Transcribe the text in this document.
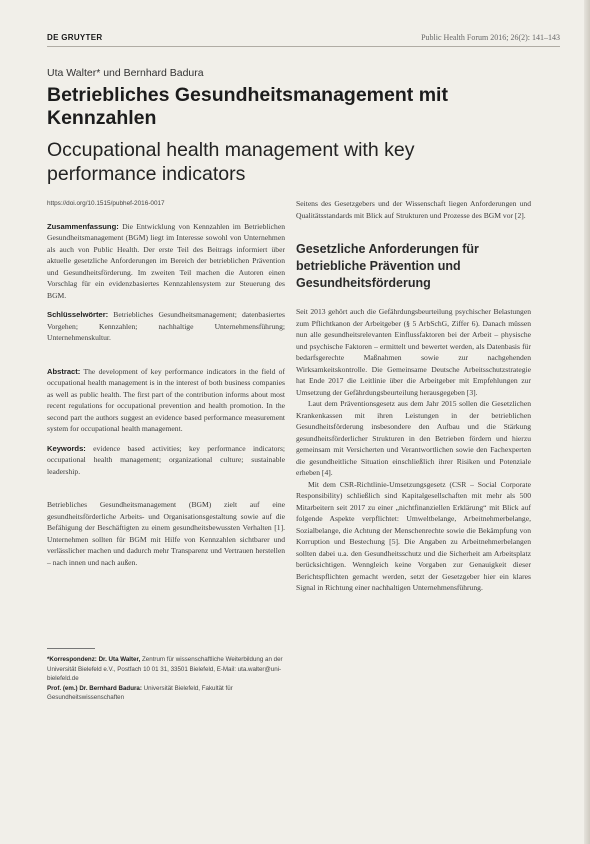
DE GRUYTER	Public Health Forum 2016; 26(2): 141–143
Uta Walter* und Bernhard Badura
Betriebliches Gesundheitsmanagement mit Kennzahlen
Occupational health management with key performance indicators
https://doi.org/10.1515/pubhef-2016-0017
Zusammenfassung: Die Entwicklung von Kennzahlen im Betrieblichen Gesundheitsmanagement (BGM) liegt im Interesse sowohl von Unternehmen als auch von Public Health. Der erste Teil des Beitrags informiert über aktuelle gesetzliche Anforderungen im Bereich der betrieblichen Prävention und Gesundheitsförderung. Im zweiten Teil machen die Autoren einen Vorschlag für ein evidenzbasiertes Kennzahlensystem zur Steuerung des BGM.
Schlüsselwörter: Betriebliches Gesundheitsmanagement; datenbasiertes Vorgehen; Kennzahlen; nachhaltige Unternehmensführung; Unternehmenskultur.
Abstract: The development of key performance indicators in the field of occupational health management is in the interest of both business companies as well as public health. The first part of the contribution informs about most recent regulations for occupational prevention and health promotion. In the second part the authors suggest an evidence based performance measurement system for occupational health management.
Keywords: evidence based activities; key performance indicators; occupational health management; organizational culture; sustainable leadership.
Betriebliches Gesundheitsmanagement (BGM) zielt auf eine gesundheitsförderliche Arbeits- und Organisationsgestaltung sowie auf die Befähigung der Beschäftigten zu einem gesundheitsbewussten Verhalten [1]. Unternehmen sollten für BGM mit Hilfe von Kennzahlen sichtbarer und verlässlicher machen und dadurch mehr Transparenz und Vertrauen herstellen – nach innen und nach außen.
*Korrespondenz: Dr. Uta Walter, Zentrum für wissenschaftliche Weiterbildung an der Universität Bielefeld e.V., Postfach 10 01 31, 33501 Bielefeld, E-Mail: uta.walter@uni-bielefeld.de
Prof. (em.) Dr. Bernhard Badura: Universität Bielefeld, Fakultät für Gesundheitswissenschaften
Seitens des Gesetzgebers und der Wissenschaft liegen Anforderungen und Qualitätsstandards mit Blick auf Strukturen und Prozesse des BGM vor [2].
Gesetzliche Anforderungen für betriebliche Prävention und Gesundheitsförderung
Seit 2013 gehört auch die Gefährdungsbeurteilung psychischer Belastungen zum Pflichtkanon der Arbeitgeber (§ 5 ArbSchG, Ziffer 6). Danach müssen nun alle gesundheitsrelevanten Einflussfaktoren bei der Arbeit – physische und psychische Faktoren – ermittelt und bewertet werden, als Datenbasis für bedarfsgerechte Maßnahmen sowie zur nachgehenden Wirksamkeitskontrolle. Die Gemeinsame Deutsche Arbeitsschutzstrategie hat Ende 2017 die Leitlinie über die Arbeitgeber mit Empfehlungen zur Umsetzung der Gefährdungsbeurteilung herausgegeben [3].
Laut dem Präventionsgesetz aus dem Jahr 2015 sollen die Gesetzlichen Krankenkassen mit ihren Leistungen in der betrieblichen Gesundheitsförderung insbesondere den Aufbau und die Stärkung gesundheitsförderlicher Strukturen in den Betrieben fördern und hierzu gemeinsam mit Versicherten und Verantwortlichen sowie den Fachexperten die gesundheitliche Situation einschließlich ihrer Risiken und Potenziale erheben [4].
Mit dem CSR-Richtlinie-Umsetzungsgesetz (CSR – Social Corporate Responsibility) schließlich sind Kapitalgesellschaften mit mehr als 500 Mitarbeitern seit 2017 zu einer „nichtfinanziellen Erklärung“ mit Blick auf folgende Aspekte verpflichtet: Umweltbelange, Arbeitnehmerbelange, Sozialbelange, die Achtung der Menschenrechte sowie die Bekämpfung von Korruption und Bestechung [5]. Die Angaben zu Arbeitnehmerbelangen sollten dabei u.a. den Gesundheitsschutz und die Sicherheit am Arbeitsplatz berücksichtigen. Wenngleich keine Vorgaben zur Genauigkeit dieser Berichtspflichten gemacht werden, setzt der Gesetzgeber hier ein klares Signal in Richtung einer nachhaltigen Unternehmensführung.
